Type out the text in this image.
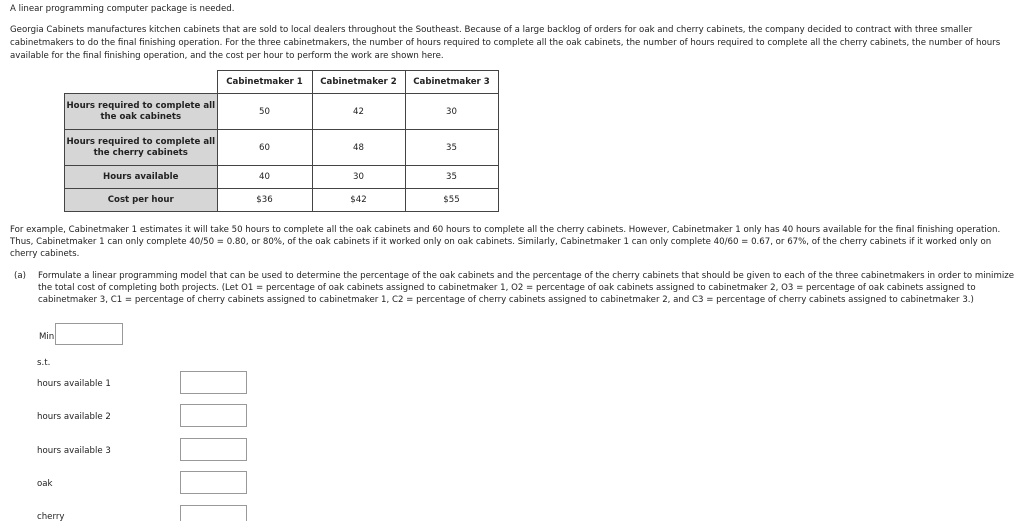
A linear programming computer package is needed.

Georgia Cabinets manufactures kitchen cabinets that are sold to local dealers throughout the Southeast. Because of a large backlog of orders for oak and cherry cabinets, the company decided to contract with three smaller cabinetmakers to do the final finishing operation. For the three cabinetmakers, the number of hours required to complete all the oak cabinets, the number of hours required to complete all the cherry cabinets, the number of hours available for the final finishing operation, and the cost per hour to perform the work are shown here.

	Cabinetmaker 1	Cabinetmaker 2	Cabinetmaker 3
Hours required to complete all the oak cabinets	50	42	30
Hours required to complete all the cherry cabinets	60	48	35
Hours available	40	30	35
Cost per hour	$36	$42	$55

For example, Cabinetmaker 1 estimates it will take 50 hours to complete all the oak cabinets and 60 hours to complete all the cherry cabinets. However, Cabinetmaker 1 only has 40 hours available for the final finishing operation. Thus, Cabinetmaker 1 can only complete 40/50 = 0.80, or 80%, of the oak cabinets if it worked only on oak cabinets. Similarly, Cabinetmaker 1 can only complete 40/60 = 0.67, or 67%, of the cherry cabinets if it worked only on cherry cabinets.

(a) Formulate a linear programming model that can be used to determine the percentage of the oak cabinets and the percentage of the cherry cabinets that should be given to each of the three cabinetmakers in order to minimize the total cost of completing both projects. (Let O1 = percentage of oak cabinets assigned to cabinetmaker 1, O2 = percentage of oak cabinets assigned to cabinetmaker 2, O3 = percentage of oak cabinets assigned to cabinetmaker 3, C1 = percentage of cherry cabinets assigned to cabinetmaker 1, C2 = percentage of cherry cabinets assigned to cabinetmaker 2, and C3 = percentage of cherry cabinets assigned to cabinetmaker 3.)

Min
s.t.
hours available 1
hours available 2
hours available 3
oak
cherry
